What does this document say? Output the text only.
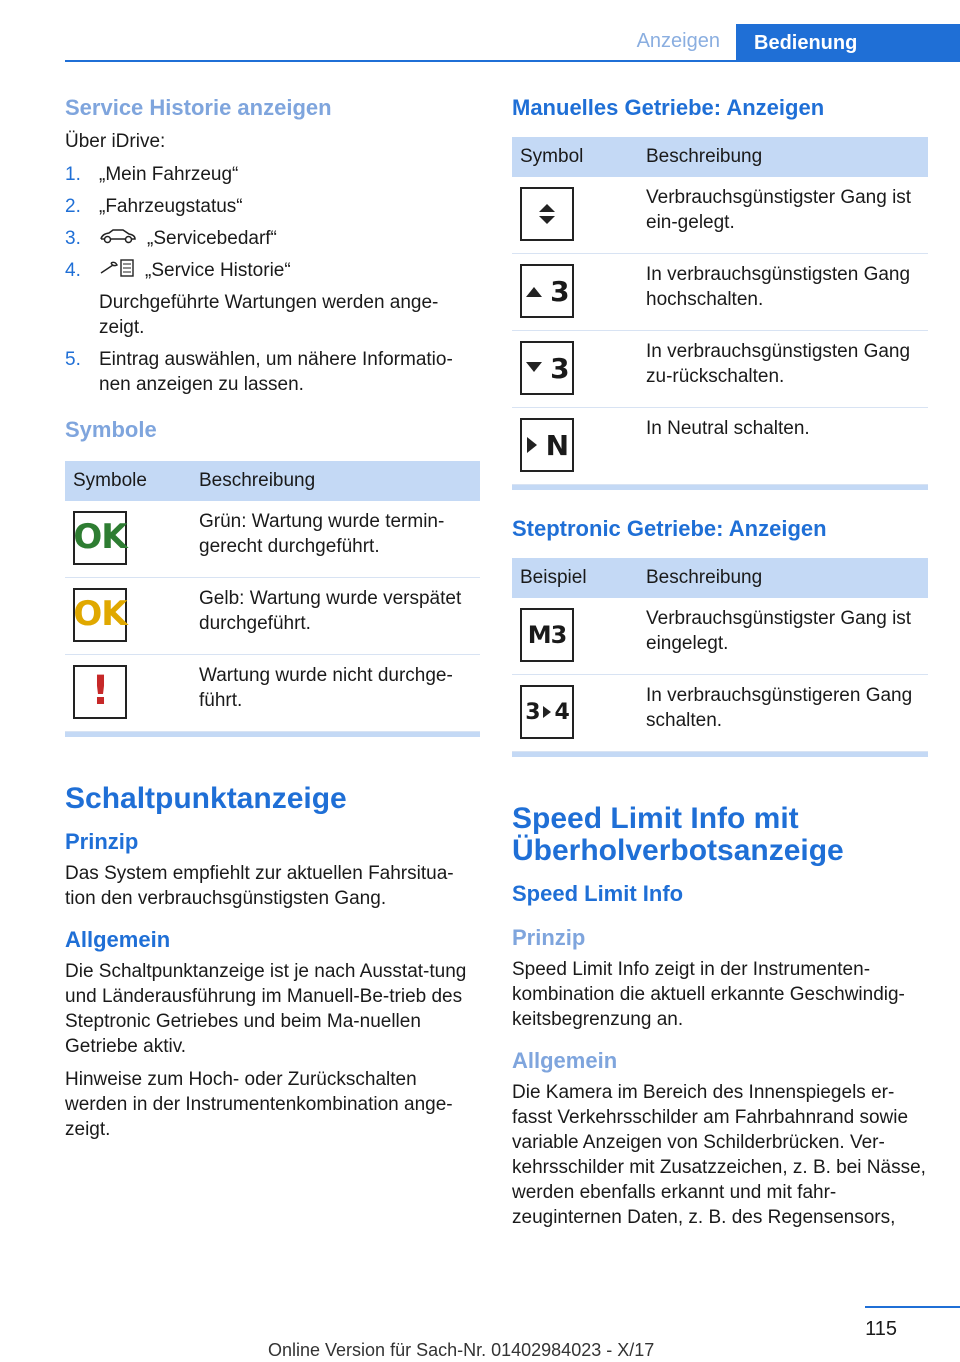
Anzeigen	Bedienung
Service Historie anzeigen

Über iDrive:

1. „Mein Fahrzeug“
2. „Fahrzeugstatus“
3.	„Servicebedarf“
4.	„Service Historie“
Durchgeführte Wartungen werden ange-zeigt.
5. Eintrag auswählen, um nähere Informatio-nen anzeigen zu lassen.
Symbole
Symbole	Beschreibung

OK	Grün: Wartung wurde termin-gerecht durchgeführt.

OK	Gelb: Wartung wurde verspätet durchgeführt.

!	Wartung wurde nicht durchge-führt.
Schaltpunktanzeige
Prinzip

Das System empfiehlt zur aktuellen Fahrsitua-tion den verbrauchsgünstigsten Gang.

Allgemein

Die Schaltpunktanzeige ist je nach Ausstat-tung und Länderausführung im Manuell-Be-trieb des Steptronic Getriebes und beim Ma-nuellen Getriebe aktiv.

Hinweise zum Hoch- oder Zurückschalten werden in der Instrumentenkombination ange-zeigt.

Manuelles Getriebe: Anzeigen
Symbol	Beschreibung

	Verbrauchsgünstigster Gang ist ein-gelegt.

3	In verbrauchsgünstigsten Gang hochschalten.

3	In verbrauchsgünstigsten Gang zu-rückschalten.

N	In Neutral schalten.
Steptronic Getriebe: Anzeigen
Beispiel	Beschreibung

M3	Verbrauchsgünstigster Gang ist eingelegt.

3 4	In verbrauchsgünstigeren Gang schalten.
Speed Limit Info mit Überholverbotsanzeige
Speed Limit Info
Prinzip

Speed Limit Info zeigt in der Instrumenten-kombination die aktuell erkannte Geschwindig-keitsbegrenzung an.

Allgemein

Die Kamera im Bereich des Innenspiegels er-fasst Verkehrsschilder am Fahrbahnrand sowie variable Anzeigen von Schilderbrücken. Ver-kehrsschilder mit Zusatzzeichen, z. B. bei Nässe, werden ebenfalls erkannt und mit fahr-zeuginternen Daten, z. B. des Regensensors,

115
Online Version für Sach-Nr. 01402984023 - X/17
